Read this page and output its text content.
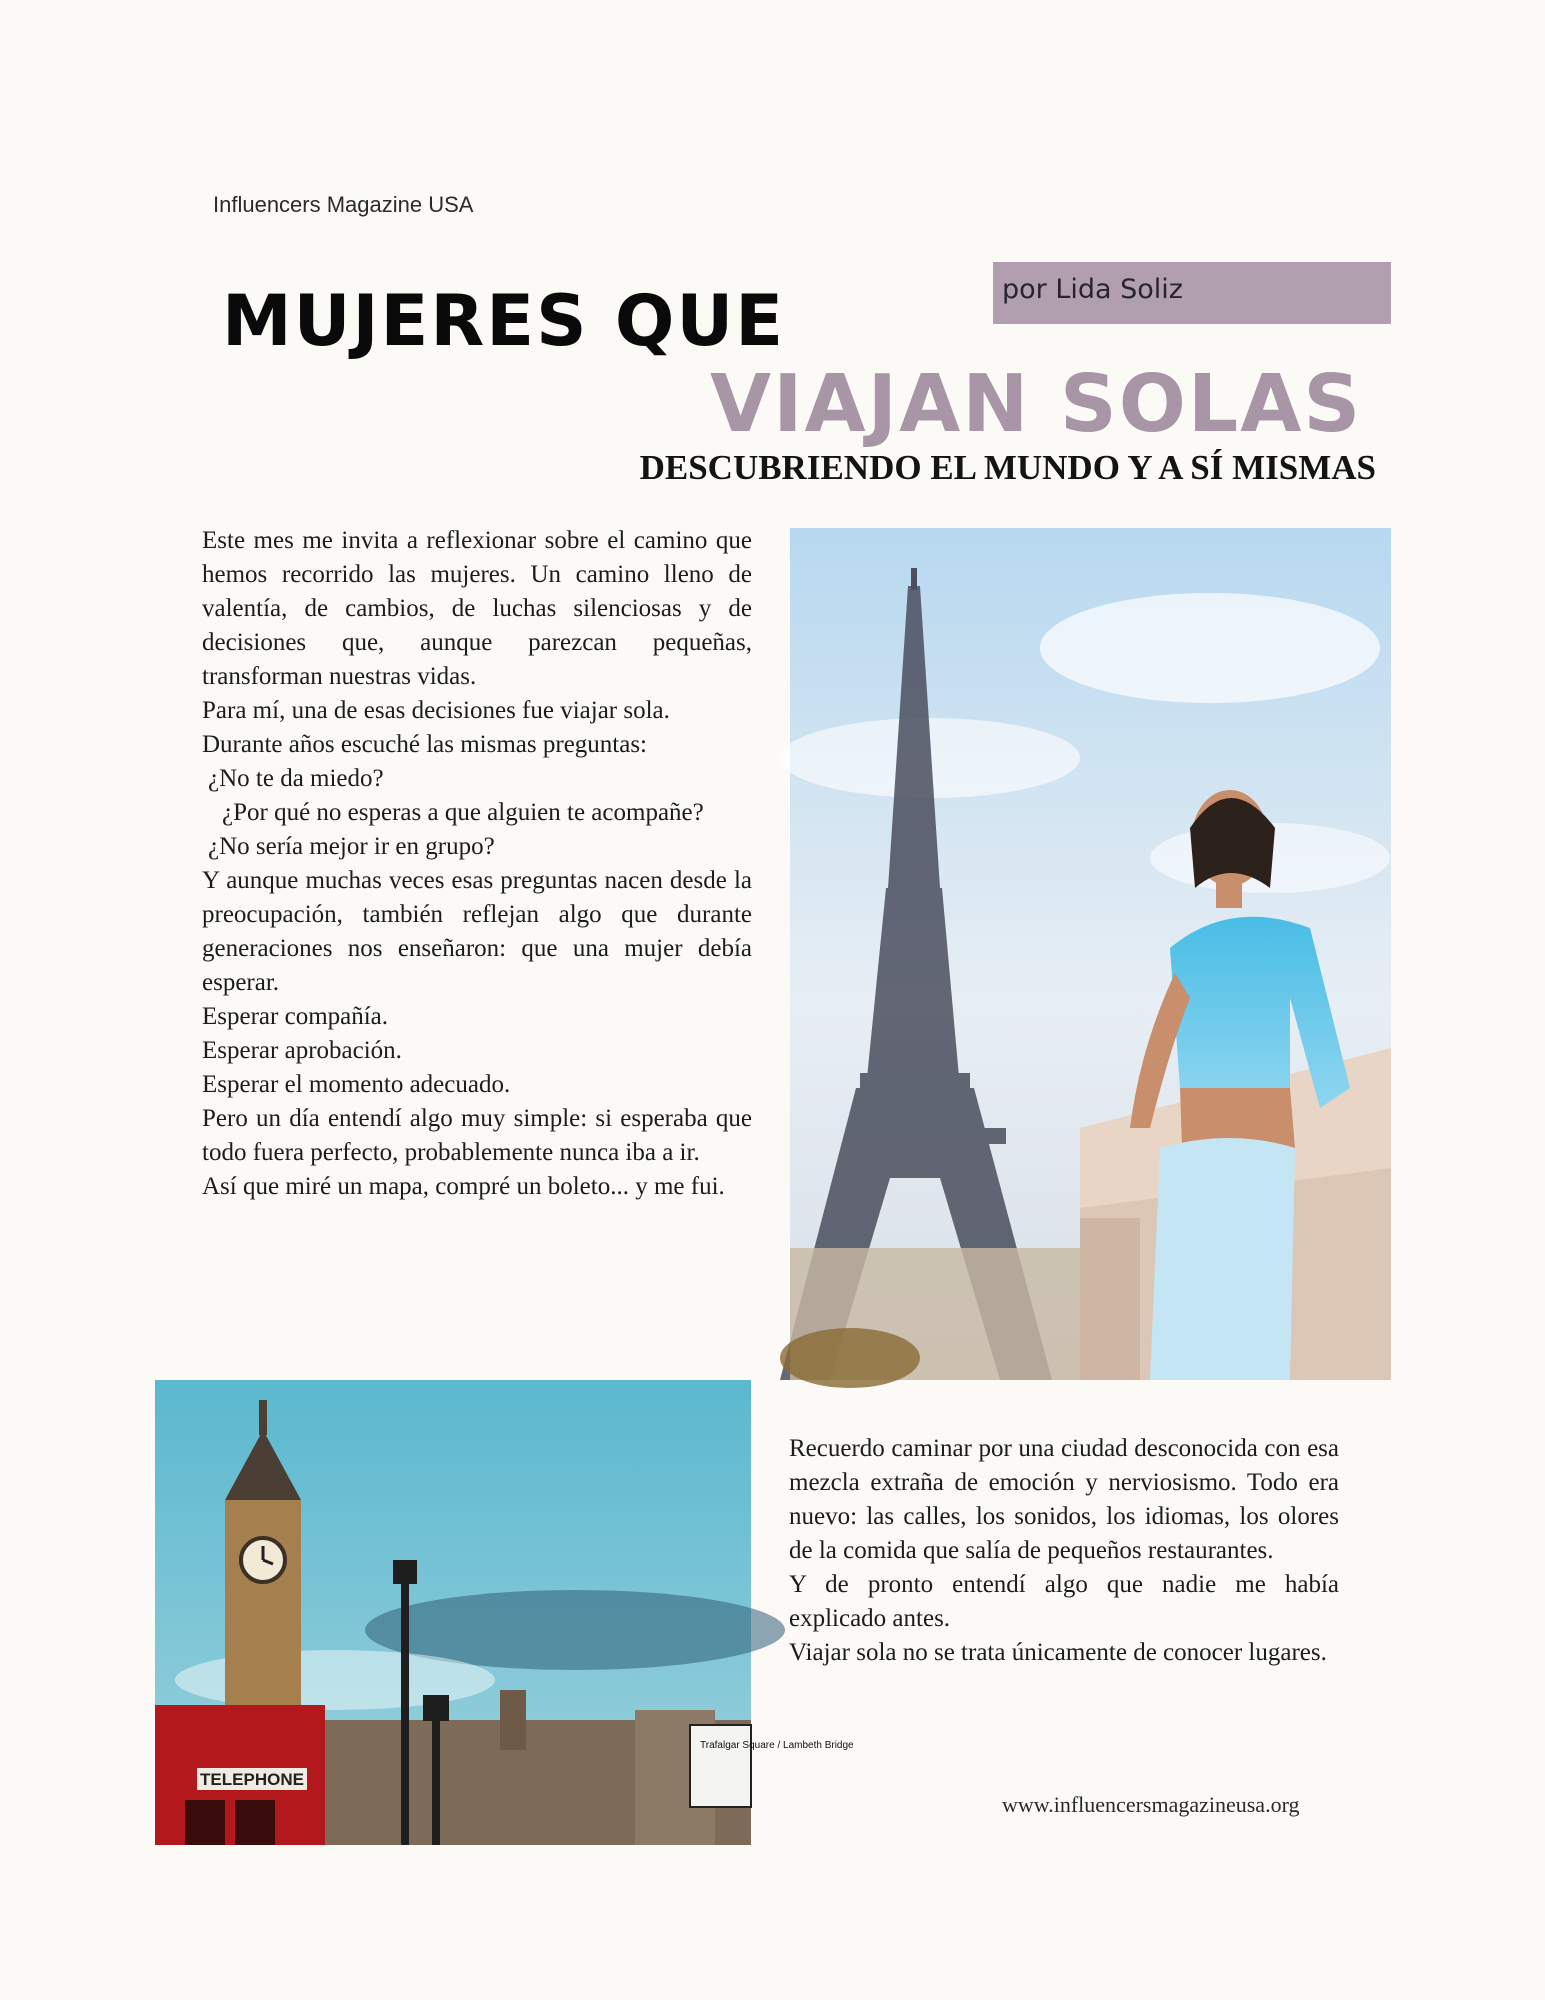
Influencers Magazine USA
por Lida Soliz
MUJERES QUE
VIAJAN SOLAS
DESCUBRIENDO EL MUNDO Y A SÍ MISMAS

Este mes me invita a reflexionar sobre el camino que hemos recorrido las mujeres. Un camino lleno de valentía, de cambios, de luchas silenciosas y de decisiones que, aunque parezcan pequeñas, transforman nuestras vidas.

Para mí, una de esas decisiones fue viajar sola.

Durante años escuché las mismas preguntas:

¿No te da miedo?

¿Por qué no esperas a que alguien te acompañe?

¿No sería mejor ir en grupo?

Y aunque muchas veces esas preguntas nacen desde la preocupación, también reflejan algo que durante generaciones nos enseñaron: que una mujer debía esperar.

Esperar compañía.

Esperar aprobación.

Esperar el momento adecuado.

Pero un día entendí algo muy simple: si esperaba que todo fuera perfecto, probablemente nunca iba a ir.

Así que miré un mapa, compré un boleto... y me fui.

TELEPHONE
Trafalgar Square / Lambeth Bridge

Recuerdo caminar por una ciudad desconocida con esa mezcla extraña de emoción y nerviosismo. Todo era nuevo: las calles, los sonidos, los idiomas, los olores de la comida que salía de pequeños restaurantes.

Y de pronto entendí algo que nadie me había explicado antes.

Viajar sola no se trata únicamente de conocer lugares.

www.influencersmagazineusa.org
